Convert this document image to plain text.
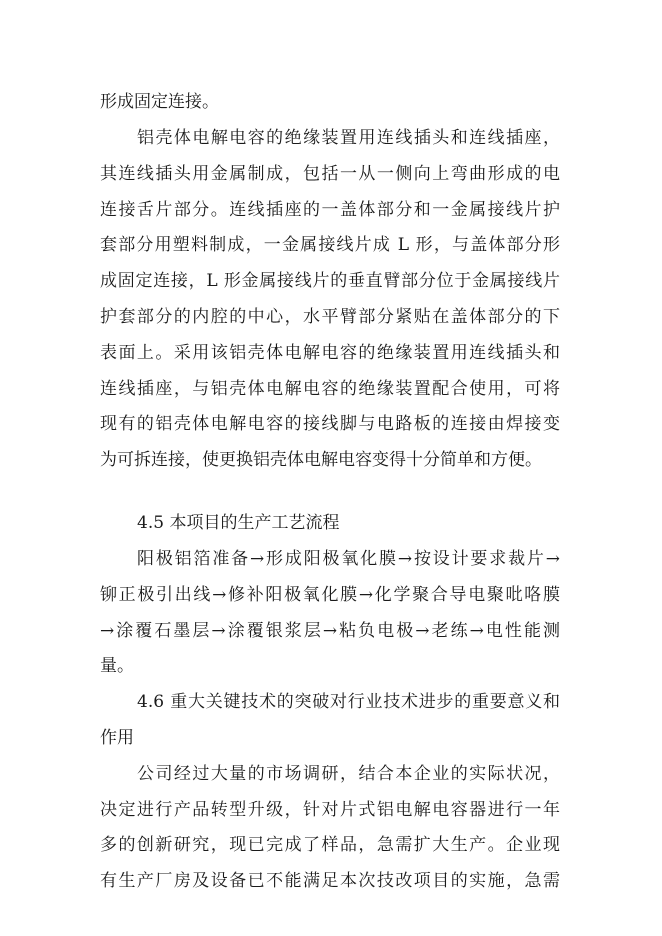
形成固定连接。
铝壳体电解电容的绝缘装置用连线插头和连线插座，
其连线插头用金属制成，包括一从一侧向上弯曲形成的电
连接舌片部分。连线插座的一盖体部分和一金属接线片护
套部分用塑料制成，一金属接线片成 L 形，与盖体部分形
成固定连接，L 形金属接线片的垂直臂部分位于金属接线片
护套部分的内腔的中心，水平臂部分紧贴在盖体部分的下
表面上。采用该铝壳体电解电容的绝缘装置用连线插头和
连线插座，与铝壳体电解电容的绝缘装置配合使用，可将
现有的铝壳体电解电容的接线脚与电路板的连接由焊接变
为可拆连接，使更换铝壳体电解电容变得十分简单和方便。
4.5 本项目的生产工艺流程
阳极铝箔准备→形成阳极氧化膜→按设计要求裁片→
铆正极引出线→修补阳极氧化膜→化学聚合导电聚吡咯膜
→涂覆石墨层→涂覆银浆层→粘负电极→老练→电性能测
量。
4.6 重大关键技术的突破对行业技术进步的重要意义和
作用
公司经过大量的市场调研，结合本企业的实际状况，
决定进行产品转型升级，针对片式铝电解电容器进行一年
多的创新研究，现已完成了样品，急需扩大生产。企业现
有生产厂房及设备已不能满足本次技改项目的实施，急需
